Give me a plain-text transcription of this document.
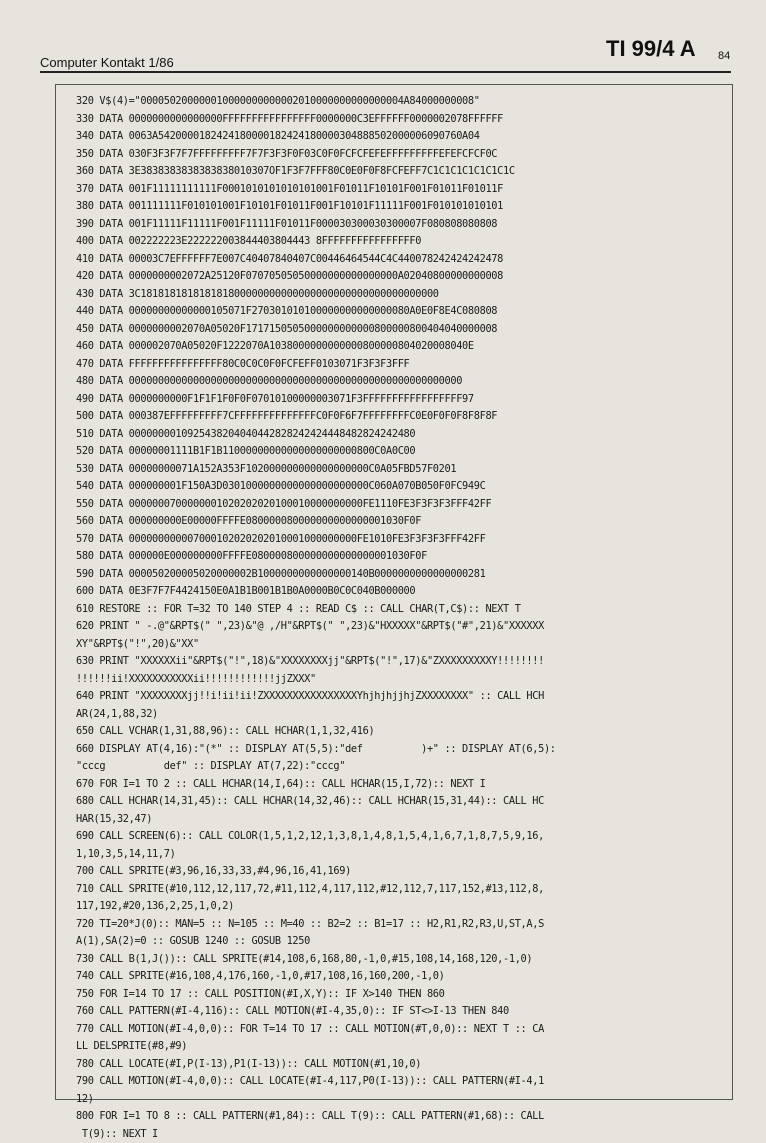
Computer Kontakt 1/86
TI 99/4 A 84
320 V$(4)="000050200000010000000000002010000000000000004A84000000008"
330 DATA 0000000000000000FFFFFFFFFFFFFFFF0000000C3EFFFFFF0000002078FFFFFF
340 DATA 0063A5420000182424180000182424180000304888502000006090760A04
350 DATA 030F3F3F7F7FFFFFFFFF7F7F3F3F0F03C0F0FCFCFEFEFFFFFFFFFEFEFCFCF0C
360 DATA 3E3838383838383838010307OF1F3F7FFF80C0E0F0F8FCFEFF7C1C1C1C1C1C1C1C
370 DATA 001F11111111111F0001010101010101001F01011F10101F001F01011F01011F
380 DATA 001111111F010101001F10101F01011F001F10101F11111F001F010101010101
390 DATA 001F11111F11111F001F11111F01011F000030300030300007F080808080808
400 DATA 002222223E222222003844403804443 8FFFFFFFFFFFFFFFF0
410 DATA 00003C7EFFFFFF7E007C40407840407C00446464544C4C440078242424242478
420 DATA 0000000002072A25120F07070505050000000000000000A02040800000000008
430 DATA 3C181818181818181800000000000000000000000000000000000
440 DATA 00000000000000105071F270301010100000000000000080A0E0F8E4C080808
450 DATA 0000000002070A05020F1717150505000000000000800000800404040000008
460 DATA 000002070A05020F1222070A1038000000000000800000804020008040E
470 DATA FFFFFFFFFFFFFFFF80C0C0C0F0FCFEFF0103071F3F3F3FFF
480 DATA 000000000000000000000000000000000000000000000000000000000
490 DATA 0000000000F1F1F1F0F0F07010100000003071F3FFFFFFFFFFFFFFFFF97
500 DATA 000387EFFFFFFFFF7CFFFFFFFFFFFFFFC0F0F6F7FFFFFFFFC0E0F0F0F8F8F8F
510 DATA 0000000010925438204040442828242424448482824242480
520 DATA 00000001111B1F1B11000000000000000000000800C0A0C00
530 DATA 00000000071A152A353F102000000000000000000C0A05FBD57F0201
540 DATA 000000001F150A3D0301000000000000000000000C060A070B050F0FC949C
550 DATA 0000000700000001020202020100010000000000FE1110FE3F3F3F3FFF42FF
560 DATA 000000000E00000FFFFE080000080000000000000001030F0F
570 DATA 000000000007000102020202010001000000000FE1010FE3F3F3F3FFF42FF
580 DATA 000000E000000000FFFFE080000800000000000000001030F0F
590 DATA 000050200005020000002B1000000000000000140B0000000000000000281
600 DATA 0E3F7F7F4424150E0A1B1B001B1B0A0000B0C0C040B000000
610 RESTORE :: FOR T=32 TO 140 STEP 4 :: READ C$ :: CALL CHAR(T,C$):: NEXT T
620 PRINT " -.@"&RPT$(" ",23)&"@ ,/H"&RPT$(" ",23)&"HXXXXX"&RPT$("#",21)&"XXXXXX
XY"&RPT$("!",20)&"XX"
630 PRINT "XXXXXXii"&RPT$("!",18)&"XXXXXXXXjj"&RPT$("!",17)&"ZXXXXXXXXXY!!!!!!!!
!!!!!!ii!XXXXXXXXXXXii!!!!!!!!!!!!jjZXXX"
640 PRINT "XXXXXXXXjj!!i!ii!ii!ZXXXXXXXXXXXXXXXXYhjhjhjjhjZXXXXXXXX" :: CALL HCH
AR(24,1,88,32)
650 CALL VCHAR(1,31,88,96):: CALL HCHAR(1,1,32,416)
660 DISPLAY AT(4,16):"(*" :: DISPLAY AT(5,5):"def          )+" :: DISPLAY AT(6,5):
"cccg          def" :: DISPLAY AT(7,22):"cccg"
670 FOR I=1 TO 2 :: CALL HCHAR(14,I,64):: CALL HCHAR(15,I,72):: NEXT I
680 CALL HCHAR(14,31,45):: CALL HCHAR(14,32,46):: CALL HCHAR(15,31,44):: CALL HC
HAR(15,32,47)
690 CALL SCREEN(6):: CALL COLOR(1,5,1,2,12,1,3,8,1,4,8,1,5,4,1,6,7,1,8,7,5,9,16,
1,10,3,5,14,11,7)
700 CALL SPRITE(#3,96,16,33,33,#4,96,16,41,169)
710 CALL SPRITE(#10,112,12,117,72,#11,112,4,117,112,#12,112,7,117,152,#13,112,8,
117,192,#20,136,2,25,1,0,2)
720 TI=20*J(0):: MAN=5 :: N=105 :: M=40 :: B2=2 :: B1=17 :: H2,R1,R2,R3,U,ST,A,S
A(1),SA(2)=0 :: GOSUB 1240 :: GOSUB 1250
730 CALL B(1,J()):: CALL SPRITE(#14,108,6,168,80,-1,0,#15,108,14,168,120,-1,0)
740 CALL SPRITE(#16,108,4,176,160,-1,0,#17,108,16,160,200,-1,0)
750 FOR I=14 TO 17 :: CALL POSITION(#I,X,Y):: IF X>140 THEN 860
760 CALL PATTERN(#I-4,116):: CALL MOTION(#I-4,35,0):: IF ST<>I-13 THEN 840
770 CALL MOTION(#I-4,0,0):: FOR T=14 TO 17 :: CALL MOTION(#T,0,0):: NEXT T :: CA
LL DELSPRITE(#8,#9)
780 CALL LOCATE(#I,P(I-13),P1(I-13)):: CALL MOTION(#1,10,0)
790 CALL MOTION(#I-4,0,0):: CALL LOCATE(#I-4,117,P0(I-13)):: CALL PATTERN(#I-4,1
12)
800 FOR I=1 TO 8 :: CALL PATTERN(#1,84):: CALL T(9):: CALL PATTERN(#1,68):: CALL
T(9):: NEXT I
